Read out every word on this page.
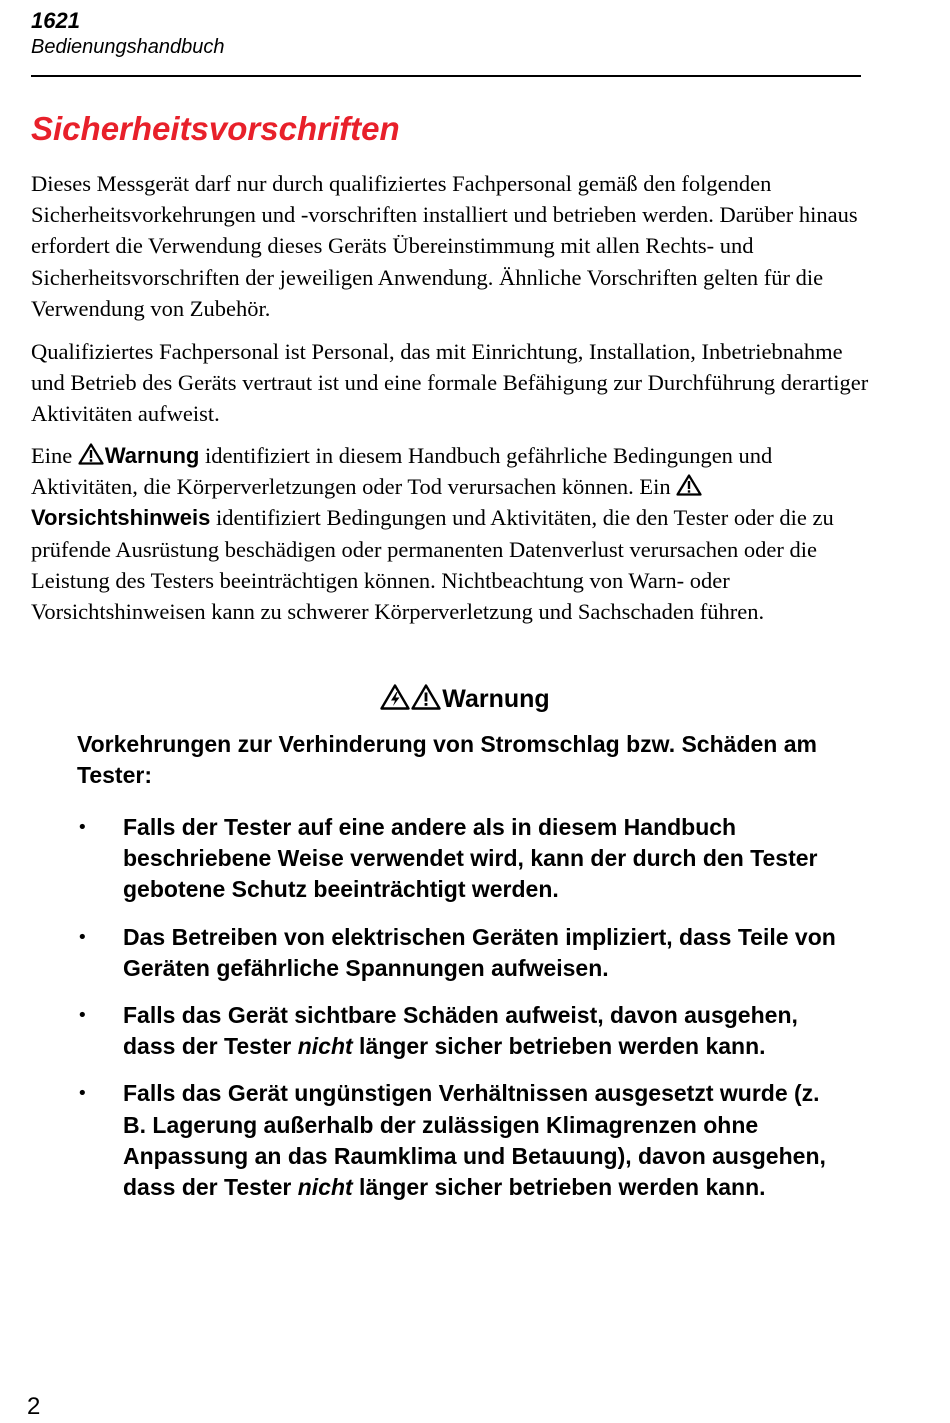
1621
Bedienungshandbuch
Sicherheitsvorschriften

Dieses Messgerät darf nur durch qualifiziertes Fachpersonal gemäß den folgenden Sicherheitsvorkehrungen und -vorschriften installiert und betrieben werden. Darüber hinaus erfordert die Verwendung dieses Geräts Übereinstimmung mit allen Rechts- und Sicherheitsvorschriften der jeweiligen Anwendung. Ähnliche Vorschriften gelten für die Verwendung von Zubehör.

Qualifiziertes Fachpersonal ist Personal, das mit Einrichtung, Installation, Inbetriebnahme und Betrieb des Geräts vertraut ist und eine formale Befähigung zur Durchführung derartiger Aktivitäten aufweist.

Eine Warnung identifiziert in diesem Handbuch gefährliche Bedingungen und Aktivitäten, die Körperverletzungen oder Tod verursachen können. Ein Vorsichtshinweis identifiziert Bedingungen und Aktivitäten, die den Tester oder die zu prüfende Ausrüstung beschädigen oder permanenten Datenverlust verursachen oder die Leistung des Testers beeinträchtigen können. Nichtbeachtung von Warn- oder Vorsichtshinweisen kann zu schwerer Körperverletzung und Sachschaden führen.

Warnung

Vorkehrungen zur Verhinderung von Stromschlag bzw. Schäden am Tester:

• Falls der Tester auf eine andere als in diesem Handbuch beschriebene Weise verwendet wird, kann der durch den Tester gebotene Schutz beeinträchtigt werden.
• Das Betreiben von elektrischen Geräten impliziert, dass Teile von Geräten gefährliche Spannungen aufweisen.
• Falls das Gerät sichtbare Schäden aufweist, davon ausgehen, dass der Tester nicht länger sicher betrieben werden kann.
• Falls das Gerät ungünstigen Verhältnissen ausgesetzt wurde (z. B. Lagerung außerhalb der zulässigen Klimagrenzen ohne Anpassung an das Raumklima und Betauung), davon ausgehen, dass der Tester nicht länger sicher betrieben werden kann.
2
